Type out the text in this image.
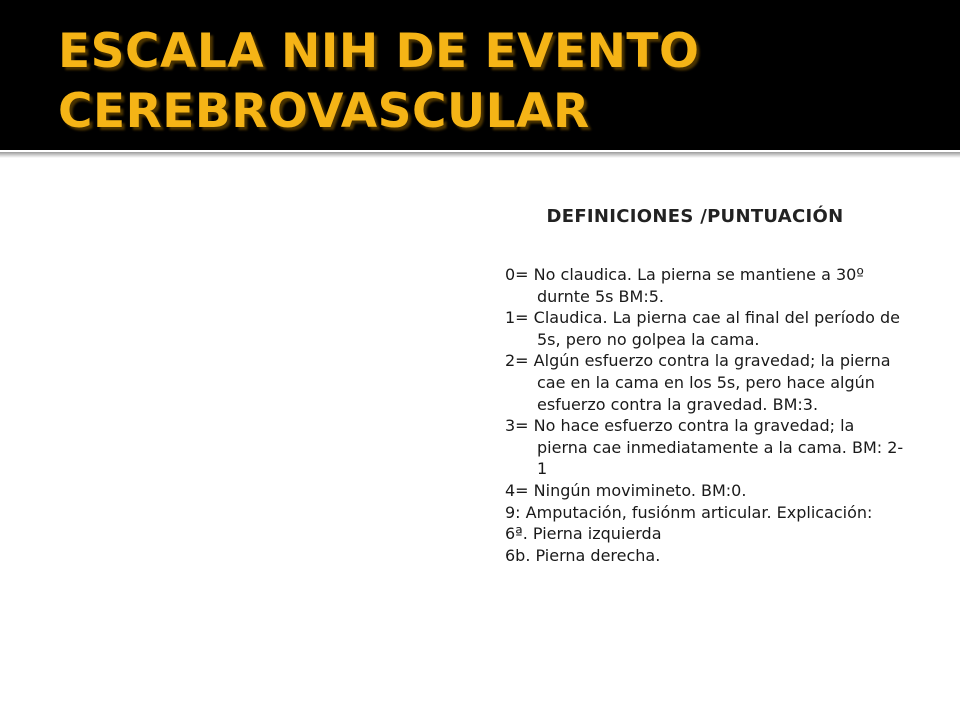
ESCALA NIH DE EVENTO CEREBROVASCULAR
DEFINICIONES /PUNTUACIÓN
0= No claudica. La pierna se mantiene a 30º durnte 5s BM:5.
1= Claudica. La pierna cae al final del período de 5s, pero no golpea la cama.
2= Algún esfuerzo contra la gravedad; la pierna cae en la cama en los 5s, pero hace algún esfuerzo contra la gravedad. BM:3.
3= No hace esfuerzo contra la gravedad; la pierna cae inmediatamente a la cama. BM: 2-1
4= Ningún movimineto. BM:0.
9: Amputación, fusiónm articular. Explicación:
6ª. Pierna izquierda
6b. Pierna derecha.
